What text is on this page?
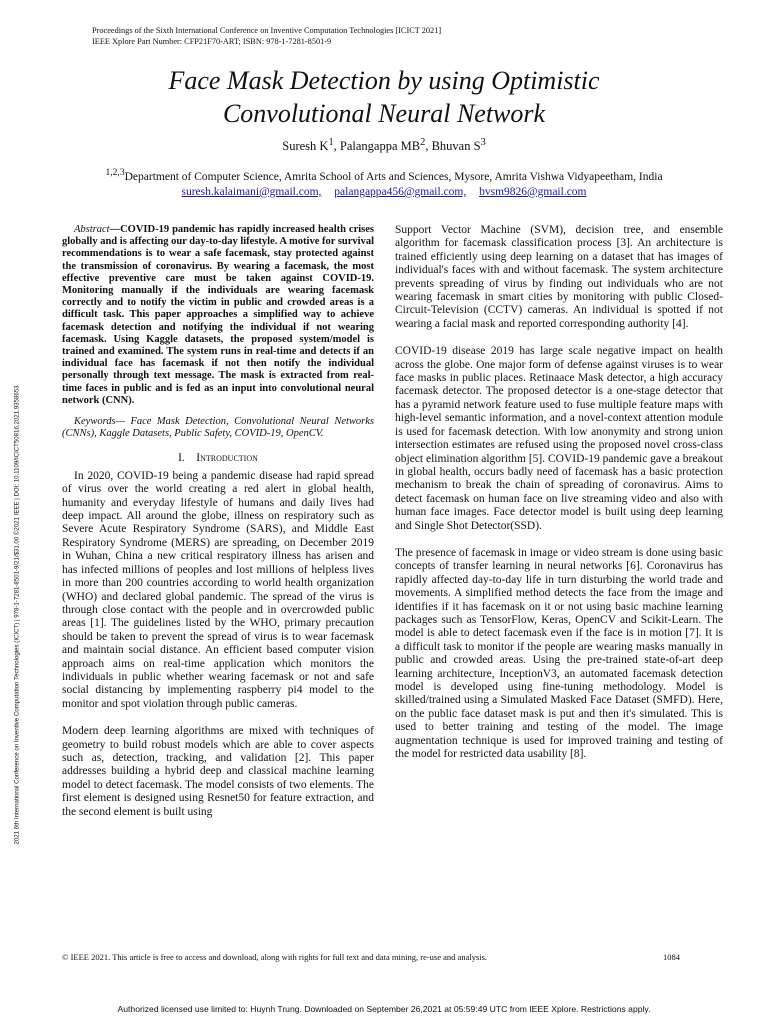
Proceedings of the Sixth International Conference on Inventive Computation Technologies [ICICT 2021]
IEEE Xplore Part Number: CFP21F70-ART; ISBN: 978-1-7281-8501-9
Face Mask Detection by using Optimistic
Convolutional Neural Network
Suresh $K^1$, Palangappa $MB^2$, Bhuvan $S^3$
$^{1,2,3}$Department of Computer Science, Amrita School of Arts and Sciences, Mysore, Amrita Vishwa Vidyapeetham, India
suresh.kalaimani@gmail.com, palangappa456@gmail.com, bvsm9826@gmail.com
2021 6th International Conference on Inventive Computation Technologies (ICICT) | 978-1-7281-8501-9/21/$31.00 ©2021 IEEE | DOI: 10.1109/ICICT50816.2021.9358653

Abstract—COVID-19 pandemic has rapidly increased health crises globally and is affecting our day-to-day lifestyle. A motive for survival recommendations is to wear a safe facemask, stay protected against the transmission of coronavirus. By wearing a facemask, the most effective preventive care must be taken against COVID-19. Monitoring manually if the individuals are wearing facemask correctly and to notify the victim in public and crowded areas is a difficult task. This paper approaches a simplified way to achieve facemask detection and notifying the individual if not wearing facemask. Using Kaggle datasets, the proposed system/model is trained and examined. The system runs in real-time and detects if an individual face has facemask if not then notify the individual personally through text message. The mask is extracted from real-time faces in public and is fed as an input into convolutional neural network (CNN).

Keywords— Face Mask Detection, Convolutional Neural Networks (CNNs), Kaggle Datasets, Public Safety, COVID-19, OpenCV.

I. Introduction

In 2020, COVID-19 being a pandemic disease had rapid spread of virus over the world creating a red alert in global health, humanity and everyday lifestyle of humans and daily lives had deep impact. All around the globe, illness on respiratory such as Severe Acute Respiratory Syndrome (SARS), and Middle East Respiratory Syndrome (MERS) are spreading, on December 2019 in Wuhan, China a new critical respiratory illness has arisen and has infected millions of peoples and lost millions of helpless lives in more than 200 countries according to world health organization (WHO) and declared global pandemic. The spread of the virus is through close contact with the people and in overcrowded public areas [1]. The guidelines listed by the WHO, primary precaution should be taken to prevent the spread of virus is to wear facemask and maintain social distance. An efficient based computer vision approach aims on real-time application which monitors the individuals in public whether wearing facemask or not and safe social distancing by implementing raspberry pi4 model to the monitor and spot violation through public cameras.

Modern deep learning algorithms are mixed with techniques of geometry to build robust models which are able to cover aspects such as, detection, tracking, and validation [2]. This paper addresses building a hybrid deep and classical machine learning model to detect facemask. The model consists of two elements. The first element is designed using Resnet50 for feature extraction, and the second element is built using

Support Vector Machine (SVM), decision tree, and ensemble algorithm for facemask classification process [3]. An architecture is trained efficiently using deep learning on a dataset that has images of individual's faces with and without facemask. The system architecture prevents spreading of virus by finding out individuals who are not wearing facemask in smart cities by monitoring with public Closed-Circuit-Television (CCTV) cameras. An individual is spotted if not wearing a facial mask and reported corresponding authority [4].

COVID-19 disease 2019 has large scale negative impact on health across the globe. One major form of defense against viruses is to wear face masks in public places. Retinaace Mask detector, a high accuracy facemask detector. The proposed detector is a one-stage detector that has a pyramid network feature used to fuse multiple feature maps with high-level semantic information, and a novel-context attention module is used for facemask detection. With low anonymity and strong union intersection estimates are refused using the proposed novel cross-class object elimination algorithm [5]. COVID-19 pandemic gave a breakout in global health, occurs badly need of facemask has a basic protection mechanism to break the chain of spreading of coronavirus. Aims to detect facemask on human face on live streaming video and also with human face images. Face detector model is built using deep learning and Single Shot Detector(SSD).

The presence of facemask in image or video stream is done using basic concepts of transfer learning in neural networks [6]. Coronavirus has rapidly affected day-to-day life in turn disturbing the world trade and movements. A simplified method detects the face from the image and identifies if it has facemask on it or not using basic machine learning packages such as TensorFlow, Keras, OpenCV and Scikit-Learn. The model is able to detect facemask even if the face is in motion [7]. It is a difficult task to monitor if the people are wearing masks manually in public and crowded areas. Using the pre-trained state-of-art deep learning architecture, InceptionV3, an automated facemask detection model is developed using fine-tuning methodology. Model is skilled/trained using a Simulated Masked Face Dataset (SMFD). Here, on the public face dataset mask is put and then it's simulated. This is used to better training and testing of the model. The image augmentation technique is used for improved training and testing of the model for restricted data usability [8].

© IEEE 2021. This article is free to access and download, along with rights for full text and data mining, re-use and analysis.	1084
Authorized licensed use limited to: Huynh Trung. Downloaded on September 26,2021 at 05:59:49 UTC from IEEE Xplore. Restrictions apply.
